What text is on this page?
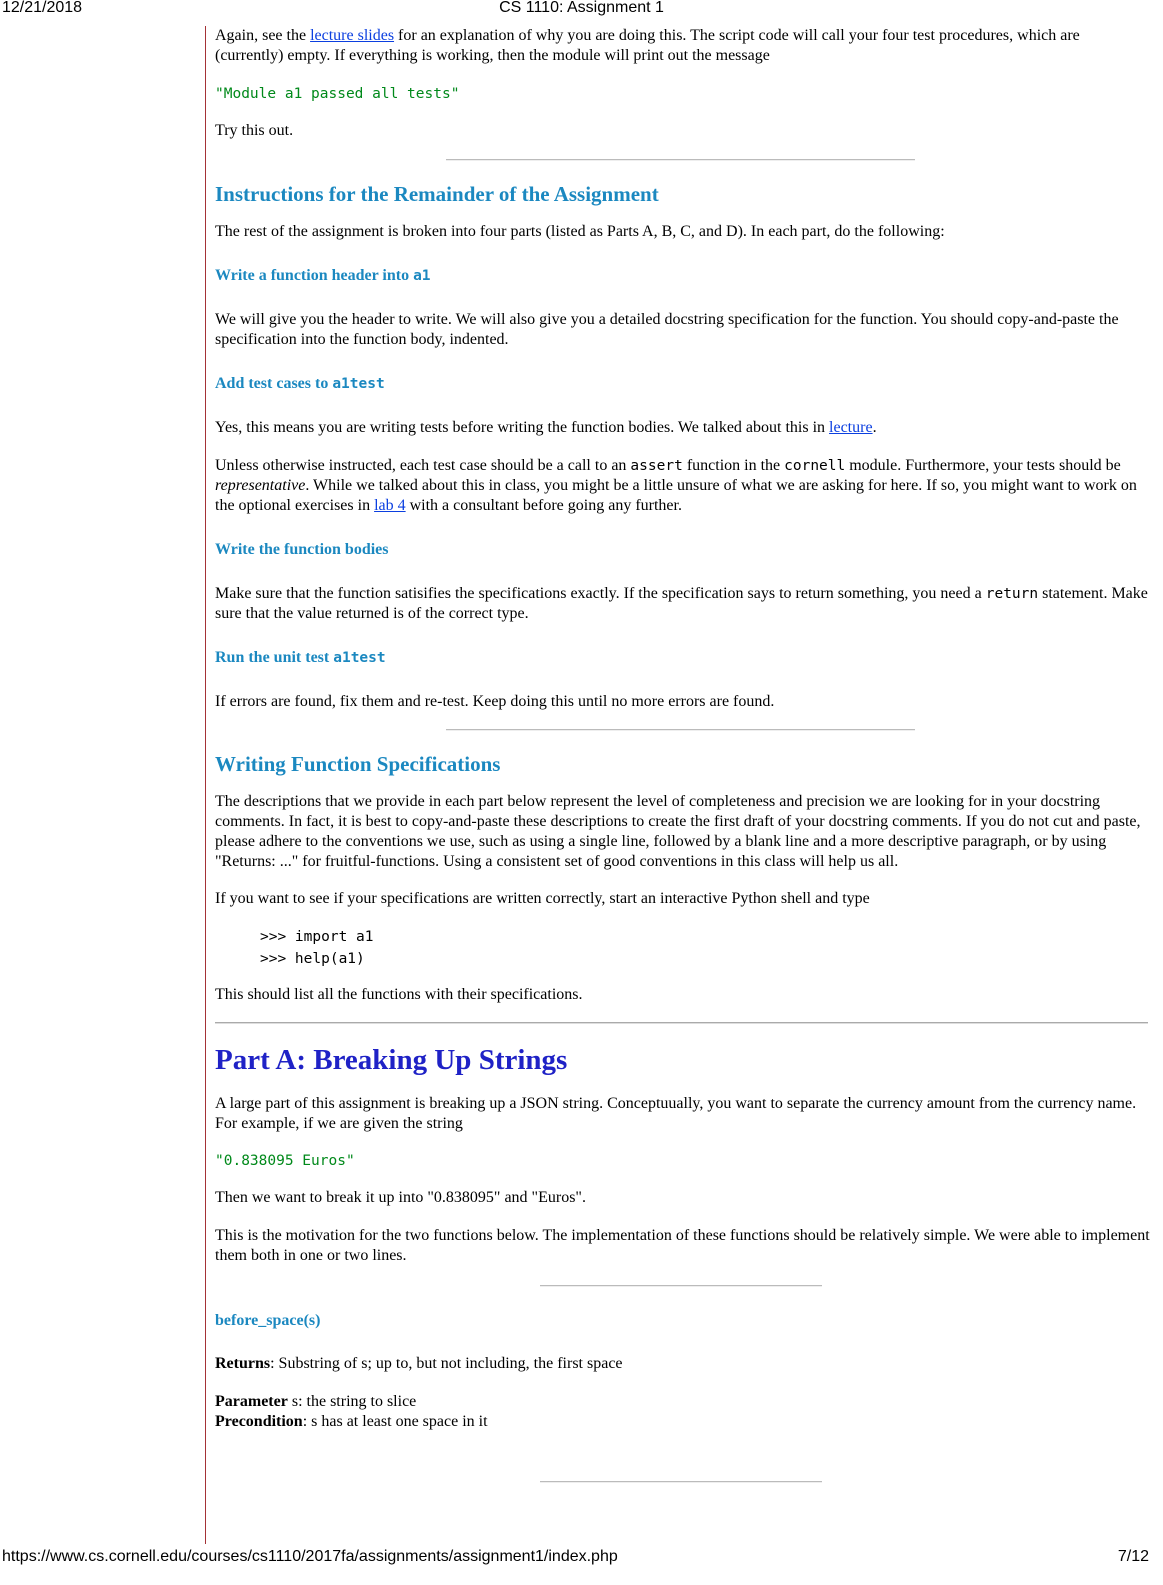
12/21/2018	CS 1110: Assignment 1

Again, see the lecture slides for an explanation of why you are doing this. The script code will call your four test procedures, which are (currently) empty. If everything is working, then the module will print out the message

"Module a1 passed all tests"

Try this out.

Instructions for the Remainder of the Assignment

The rest of the assignment is broken into four parts (listed as Parts A, B, C, and D). In each part, do the following:

Write a function header into a1

We will give you the header to write. We will also give you a detailed docstring specification for the function. You should copy-and-paste the specification into the function body, indented.

Add test cases to a1test

Yes, this means you are writing tests before writing the function bodies. We talked about this in lecture.

Unless otherwise instructed, each test case should be a call to an assert function in the cornell module. Furthermore, your tests should be representative. While we talked about this in class, you might be a little unsure of what we are asking for here. If so, you might want to work on the optional exercises in lab 4 with a consultant before going any further.

Write the function bodies

Make sure that the function satisifies the specifications exactly. If the specification says to return something, you need a return statement. Make sure that the value returned is of the correct type.

Run the unit test a1test

If errors are found, fix them and re-test. Keep doing this until no more errors are found.

Writing Function Specifications

The descriptions that we provide in each part below represent the level of completeness and precision we are looking for in your docstring comments. In fact, it is best to copy-and-paste these descriptions to create the first draft of your docstring comments. If you do not cut and paste, please adhere to the conventions we use, such as using a single line, followed by a blank line and a more descriptive paragraph, or by using "Returns: ..." for fruitful-functions. Using a consistent set of good conventions in this class will help us all.

If you want to see if your specifications are written correctly, start an interactive Python shell and type

>>> import a1
>>> help(a1)

This should list all the functions with their specifications.

Part A: Breaking Up Strings

A large part of this assignment is breaking up a JSON string. Conceptuually, you want to separate the currency amount from the currency name. For example, if we are given the string

"0.838095 Euros"

Then we want to break it up into "0.838095" and "Euros".

This is the motivation for the two functions below. The implementation of these functions should be relatively simple. We were able to implement them both in one or two lines.

before_space(s)

Returns: Substring of s; up to, but not including, the first space

Parameter s: the string to slice

Precondition: s has at least one space in it

https://www.cs.cornell.edu/courses/cs1110/2017fa/assignments/assignment1/index.php	7/12
